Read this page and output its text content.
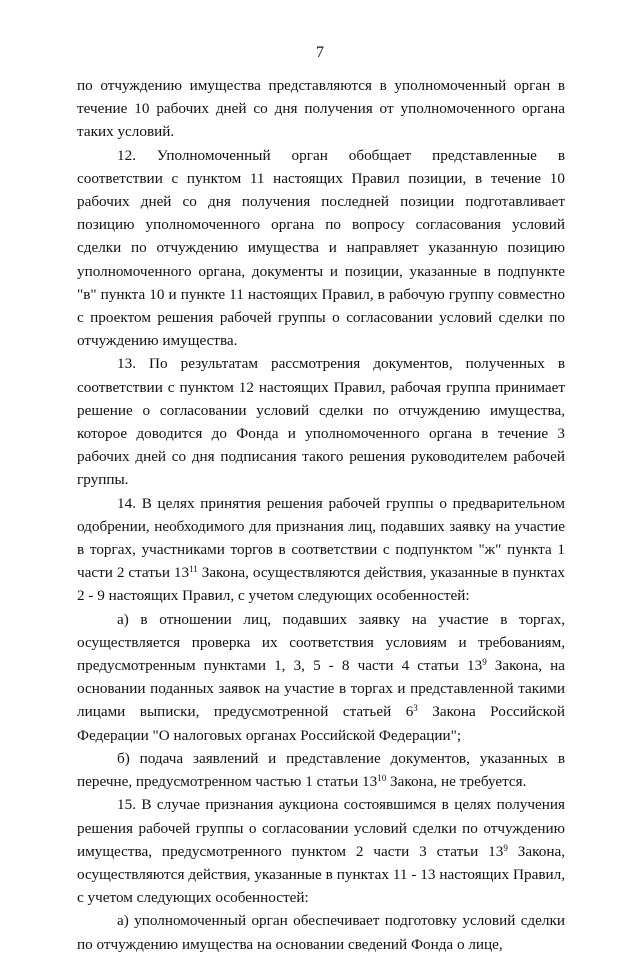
7

по отчуждению имущества представляются в уполномоченный орган в течение 10 рабочих дней со дня получения от уполномоченного органа таких условий.

12. Уполномоченный орган обобщает представленные в соответствии с пунктом 11 настоящих Правил позиции, в течение 10 рабочих дней со дня получения последней позиции подготавливает позицию уполномоченного органа по вопросу согласования условий сделки по отчуждению имущества и направляет указанную позицию уполномоченного органа, документы и позиции, указанные в подпункте "в" пункта 10 и пункте 11 настоящих Правил, в рабочую группу совместно с проектом решения рабочей группы о согласовании условий сделки по отчуждению имущества.

13. По результатам рассмотрения документов, полученных в соответствии с пунктом 12 настоящих Правил, рабочая группа принимает решение о согласовании условий сделки по отчуждению имущества, которое доводится до Фонда и уполномоченного органа в течение 3 рабочих дней со дня подписания такого решения руководителем рабочей группы.

14. В целях принятия решения рабочей группы о предварительном одобрении, необходимого для признания лиц, подавших заявку на участие в торгах, участниками торгов в соответствии с подпунктом "ж" пункта 1 части 2 статьи $13^{11}$ Закона, осуществляются действия, указанные в пунктах 2 - 9 настоящих Правил, с учетом следующих особенностей:

а) в отношении лиц, подавших заявку на участие в торгах, осуществляется проверка их соответствия условиям и требованиям, предусмотренным пунктами 1, 3, 5 - 8 части 4 статьи $13^9$ Закона, на основании поданных заявок на участие в торгах и представленной такими лицами выписки, предусмотренной статьей $6^3$ Закона Российской Федерации "О налоговых органах Российской Федерации";

б) подача заявлений и представление документов, указанных в перечне, предусмотренном частью 1 статьи $13^{10}$ Закона, не требуется.

15. В случае признания аукциона состоявшимся в целях получения решения рабочей группы о согласовании условий сделки по отчуждению имущества, предусмотренного пунктом 2 части 3 статьи $13^9$ Закона, осуществляются действия, указанные в пунктах 11 - 13 настоящих Правил, с учетом следующих особенностей:

а) уполномоченный орган обеспечивает подготовку условий сделки по отчуждению имущества на основании сведений Фонда о лице,
